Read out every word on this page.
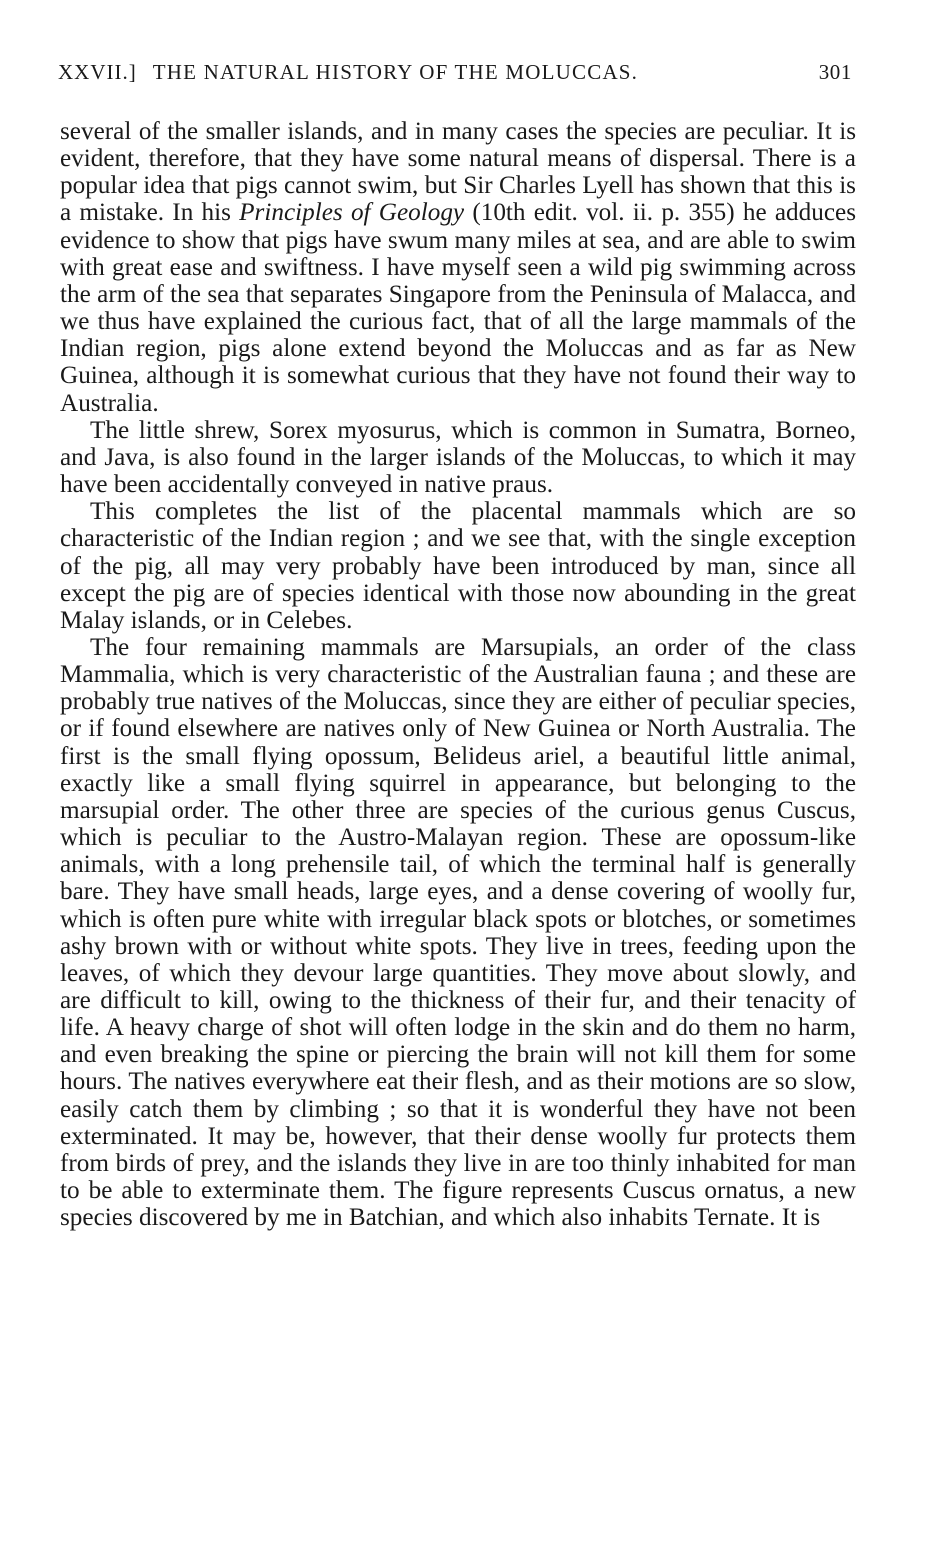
XXVII.] THE NATURAL HISTORY OF THE MOLUCCAS.	301

several of the smaller islands, and in many cases the species are peculiar. It is evident, therefore, that they have some natural means of dispersal. There is a popular idea that pigs cannot swim, but Sir Charles Lyell has shown that this is a mistake. In his Principles of Geology (10th edit. vol. ii. p. 355) he adduces evidence to show that pigs have swum many miles at sea, and are able to swim with great ease and swiftness. I have myself seen a wild pig swimming across the arm of the sea that separates Singapore from the Peninsula of Malacca, and we thus have explained the curious fact, that of all the large mammals of the Indian region, pigs alone extend beyond the Moluccas and as far as New Guinea, although it is somewhat curious that they have not found their way to Australia.

The little shrew, Sorex myosurus, which is common in Sumatra, Borneo, and Java, is also found in the larger islands of the Moluccas, to which it may have been accidentally conveyed in native praus.

This completes the list of the placental mammals which are so characteristic of the Indian region ; and we see that, with the single exception of the pig, all may very probably have been introduced by man, since all except the pig are of species identical with those now abounding in the great Malay islands, or in Celebes.

The four remaining mammals are Marsupials, an order of the class Mammalia, which is very characteristic of the Australian fauna ; and these are probably true natives of the Moluccas, since they are either of peculiar species, or if found elsewhere are natives only of New Guinea or North Australia. The first is the small flying opossum, Belideus ariel, a beautiful little animal, exactly like a small flying squirrel in appearance, but belonging to the marsupial order. The other three are species of the curious genus Cuscus, which is peculiar to the Austro-Malayan region. These are opossum-like animals, with a long prehensile tail, of which the terminal half is generally bare. They have small heads, large eyes, and a dense covering of woolly fur, which is often pure white with irregular black spots or blotches, or sometimes ashy brown with or without white spots. They live in trees, feeding upon the leaves, of which they devour large quantities. They move about slowly, and are difficult to kill, owing to the thickness of their fur, and their tenacity of life. A heavy charge of shot will often lodge in the skin and do them no harm, and even breaking the spine or piercing the brain will not kill them for some hours. The natives everywhere eat their flesh, and as their motions are so slow, easily catch them by climbing ; so that it is wonderful they have not been exterminated. It may be, however, that their dense woolly fur protects them from birds of prey, and the islands they live in are too thinly inhabited for man to be able to exterminate them. The figure represents Cuscus ornatus, a new species discovered by me in Batchian, and which also inhabits Ternate. It is
